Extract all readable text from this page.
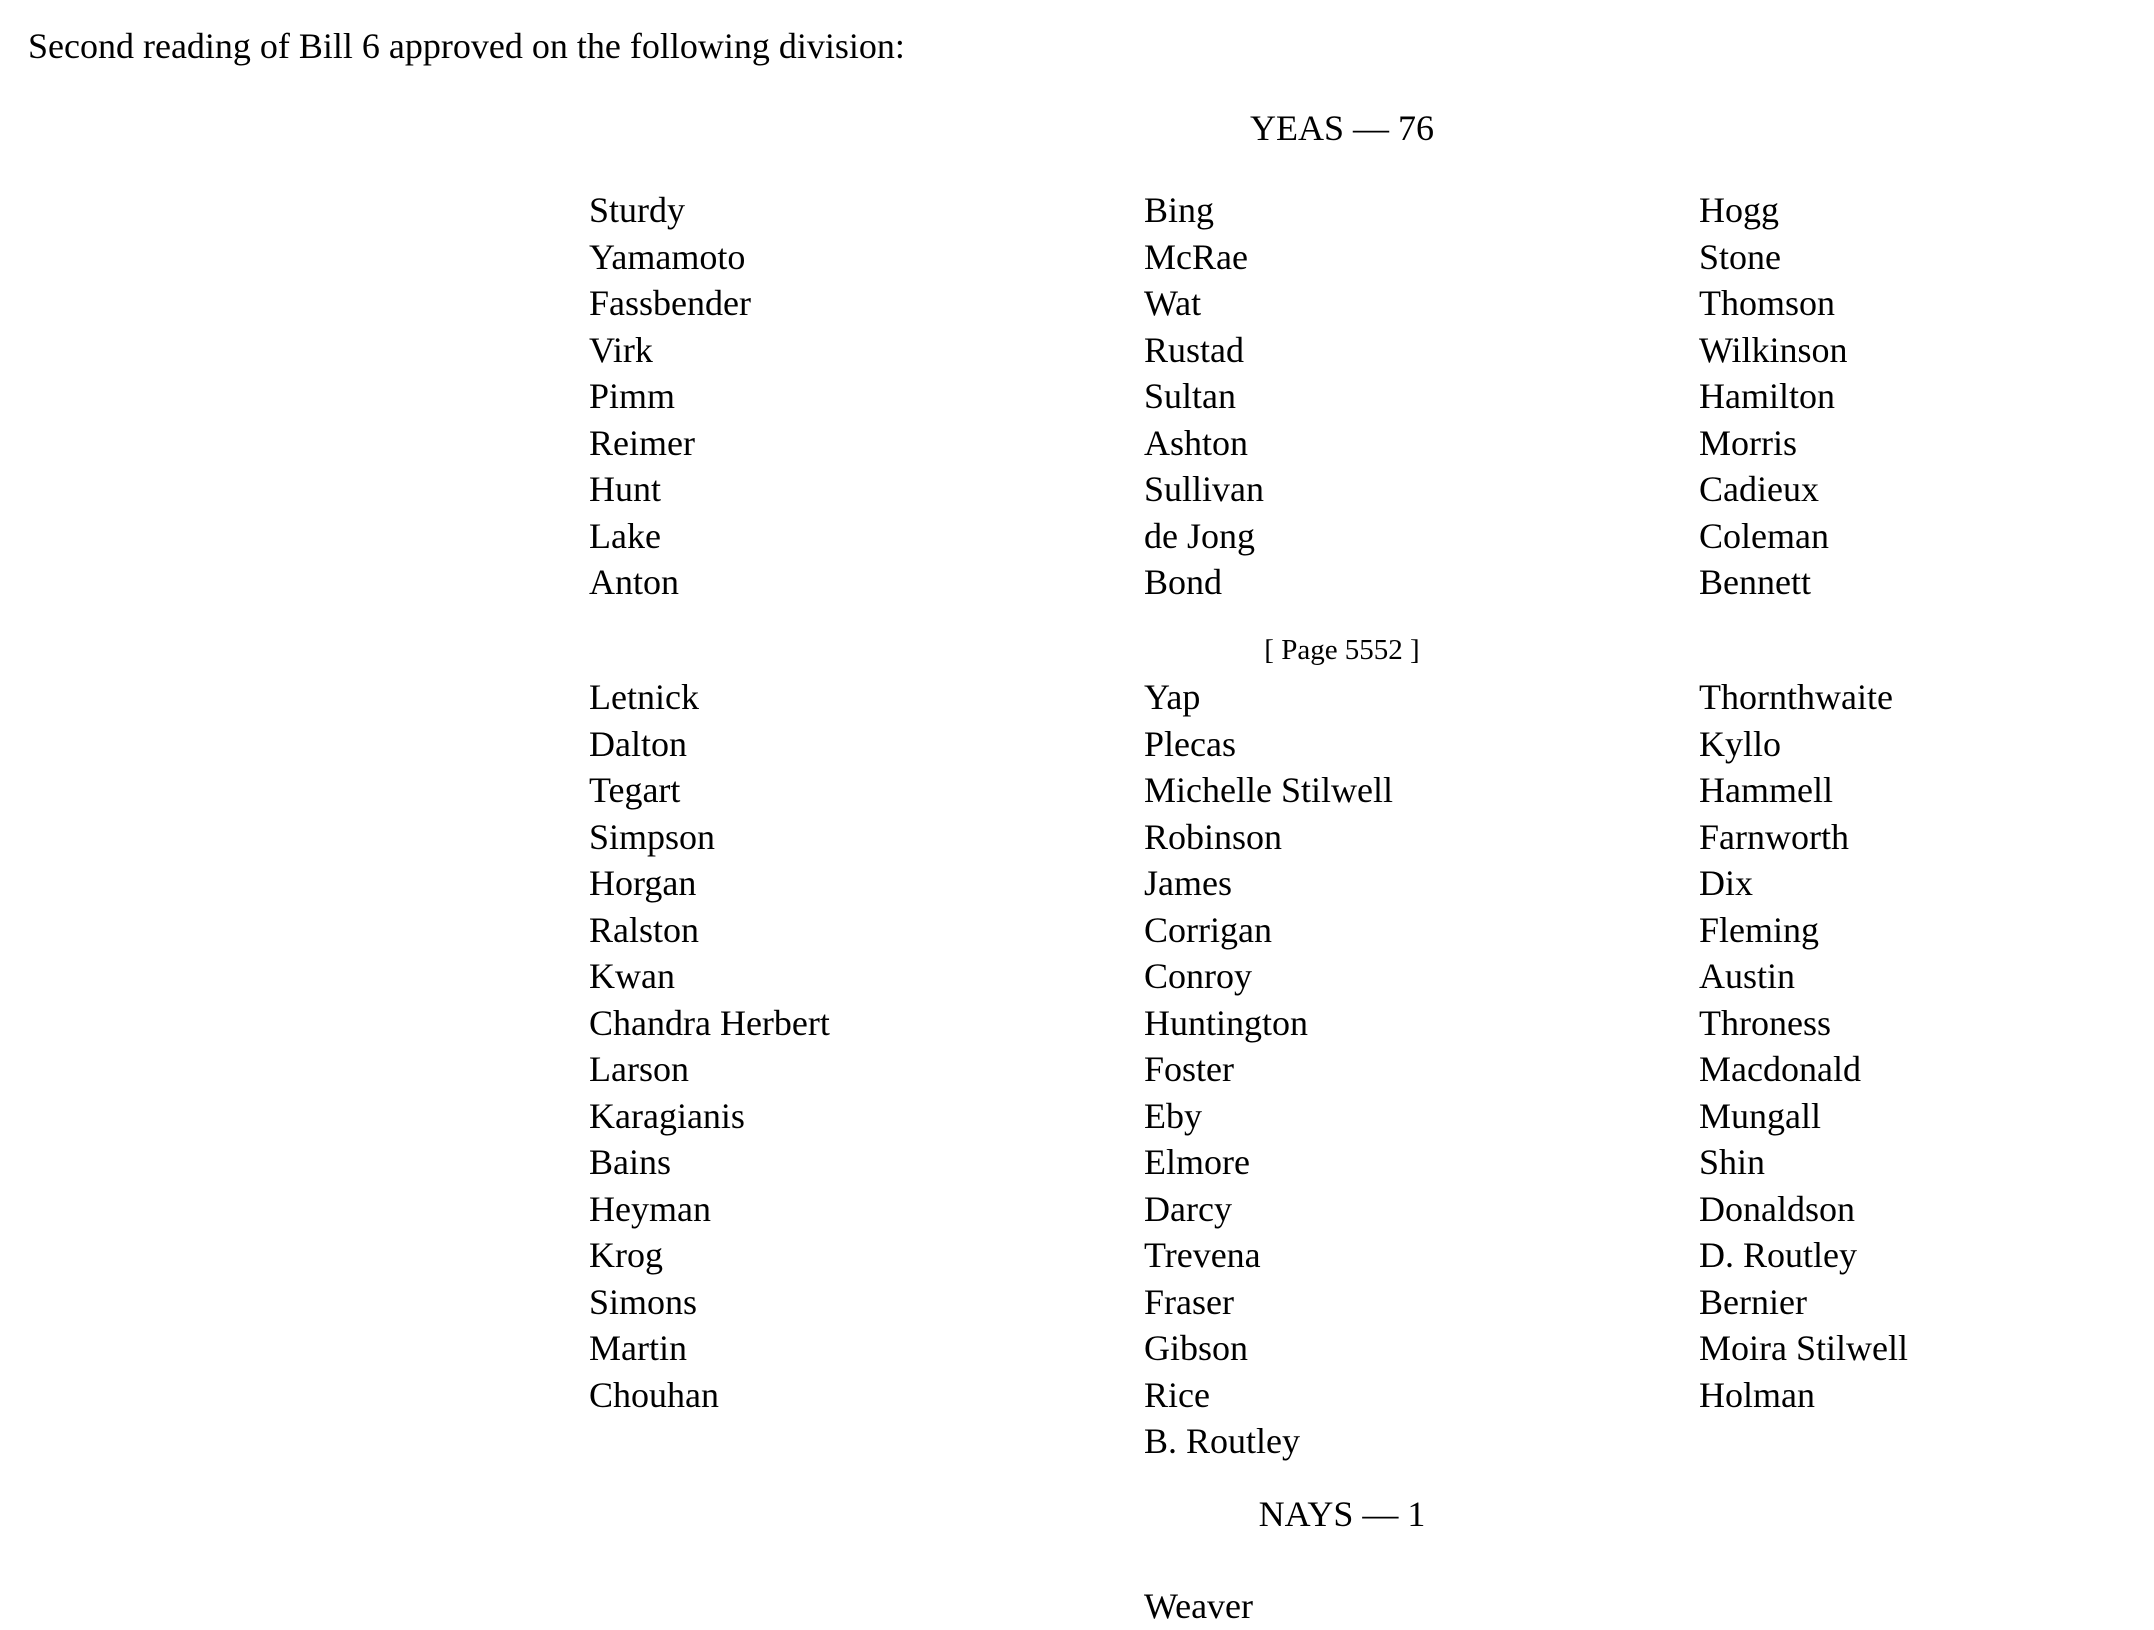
Second reading of Bill 6 approved on the following division:
YEAS — 76
Sturdy
Yamamoto
Fassbender
Virk
Pimm
Reimer
Hunt
Lake
Anton
Bing
McRae
Wat
Rustad
Sultan
Ashton
Sullivan
de Jong
Bond
Hogg
Stone
Thomson
Wilkinson
Hamilton
Morris
Cadieux
Coleman
Bennett
[ Page 5552 ]
Letnick
Dalton
Tegart
Simpson
Horgan
Ralston
Kwan
Chandra Herbert
Larson
Karagianis
Bains
Heyman
Krog
Simons
Martin
Chouhan
Yap
Plecas
Michelle Stilwell
Robinson
James
Corrigan
Conroy
Huntington
Foster
Eby
Elmore
Darcy
Trevena
Fraser
Gibson
Rice
B. Routley
Thornthwaite
Kyllo
Hammell
Farnworth
Dix
Fleming
Austin
Throness
Macdonald
Mungall
Shin
Donaldson
D. Routley
Bernier
Moira Stilwell
Holman
NAYS — 1
Weaver
